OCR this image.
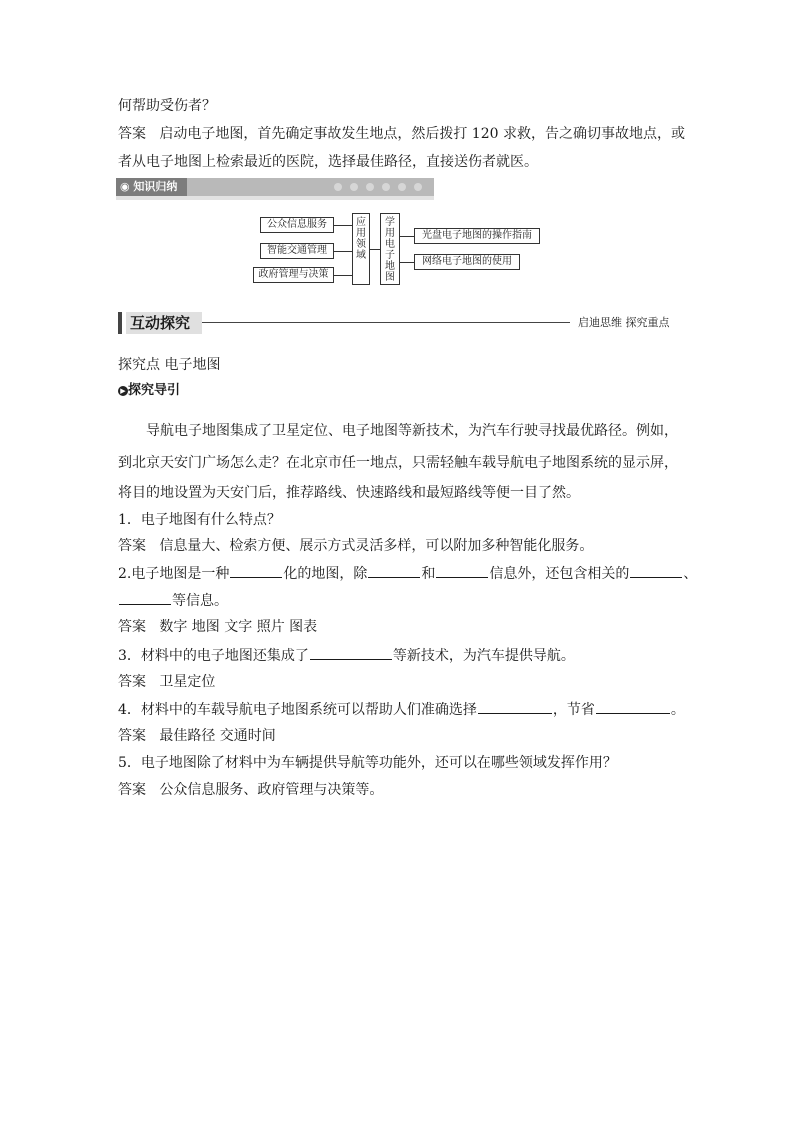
何帮助受伤者？
答案 启动电子地图，首先确定事故发生地点，然后拨打 120 求救，告之确切事故地点，或
者从电子地图上检索最近的医院，选择最佳路径，直接送伤者就医。
◉ 知识归纳
公众信息服务
智能交通管理
政府管理与决策
应用领域
学用电子地图
光盘电子地图的操作指南
网络电子地图的使用
互动探究	启迪思维 探究重点
探究点 电子地图
▶ 探究导引
导航电子地图集成了卫星定位、电子地图等新技术，为汽车行驶寻找最优路径。例如，
到北京天安门广场怎么走？在北京市任一地点，只需轻触车载导航电子地图系统的显示屏，
将目的地设置为天安门后，推荐路线、快速路线和最短路线等便一目了然。
1．电子地图有什么特点？
答案 信息量大、检索方便、展示方式灵活多样，可以附加多种智能化服务。
2.电子地图是一种	化的地图，除	和	信息外，还包含相关的	、
等信息。
答案 数字 地图 文字 照片 图表
3．材料中的电子地图还集成了	等新技术，为汽车提供导航。
答案 卫星定位
4．材料中的车载导航电子地图系统可以帮助人们准确选择	，节省	。
答案 最佳路径 交通时间
5．电子地图除了材料中为车辆提供导航等功能外，还可以在哪些领域发挥作用？
答案 公众信息服务、政府管理与决策等。
